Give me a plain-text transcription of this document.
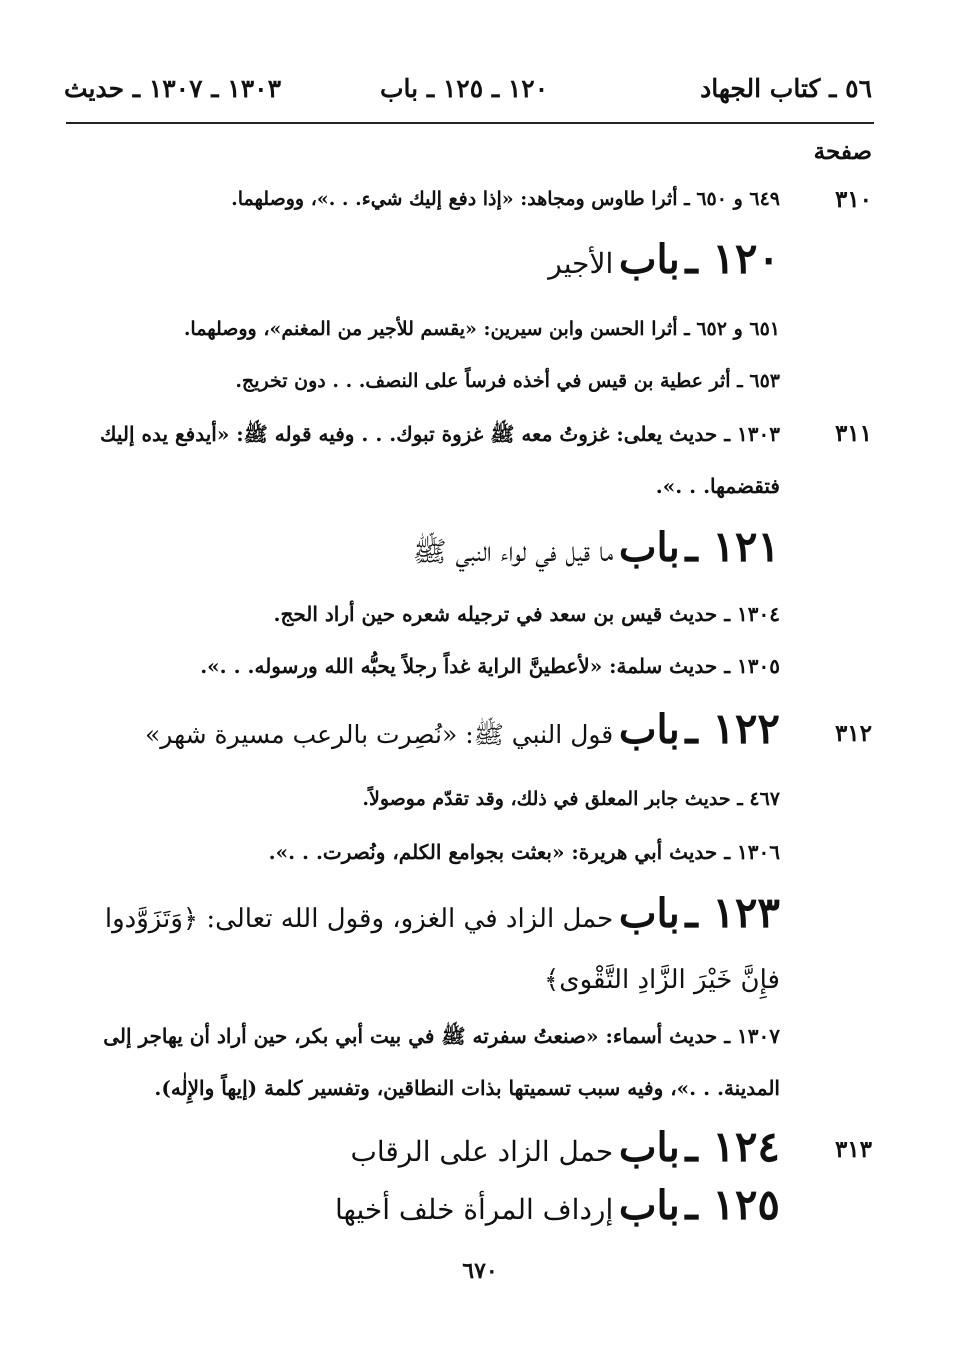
٥٦ ـ كتاب الجهاد
١٢٠ ـ ١٢٥ ـ باب
١٣٠٣ ـ ١٣٠٧ ـ حديث
صفحة
٣١٠
٦٤٩ و ٦٥٠ ـ أثرا طاوس ومجاهد: «إذا دفع إليك شيء. . .»، ووصلهما.
١٢٠ ـ باب الأجير
٦٥١ و ٦٥٢ ـ أثرا الحسن وابن سيرين: «يقسم للأجير من المغنم»، ووصلهما.
٦٥٣ ـ أثر عطية بن قيس في أخذه فرساً على النصف. . . دون تخريج.
٣١١
١٣٠٣ ـ حديث يعلى: غزوتُ معه ﷺ غزوة تبوك. . . وفيه قوله ﷺ: «أيدفع يده إليك فتقضمها. . .».
١٢١ ـ باب ما قيل في لواء النبي ﷺ
١٣٠٤ ـ حديث قيس بن سعد في ترجيله شعره حين أراد الحج.
١٣٠٥ ـ حديث سلمة: «لأعطينَّ الراية غداً رجلاً يحبُّه الله ورسوله. . .».
٣١٢
١٢٢ ـ باب قول النبي ﷺ: «نُصِرت بالرعب مسيرة شهر»
٤٦٧ ـ حديث جابر المعلق في ذلك، وقد تقدّم موصولاً.
١٣٠٦ ـ حديث أبي هريرة: «بعثت بجوامع الكلم، ونُصرت. . .».
١٢٣ ـ باب حمل الزاد في الغزو، وقول الله تعالى: ﴿وَتَزَوَّدوا فإِنَّ خَيْرَ الزَّادِ التَّقْوى﴾
١٣٠٧ ـ حديث أسماء: «صنعتُ سفرته ﷺ في بيت أبي بكر، حين أراد أن يهاجر إلى المدينة. . .»، وفيه سبب تسميتها بذات النطاقين، وتفسير كلمة (إيهاً والإِلٰه).
٣١٣
١٢٤ ـ باب حمل الزاد على الرقاب
١٢٥ ـ باب إرداف المرأة خلف أخيها
٦٧٠
